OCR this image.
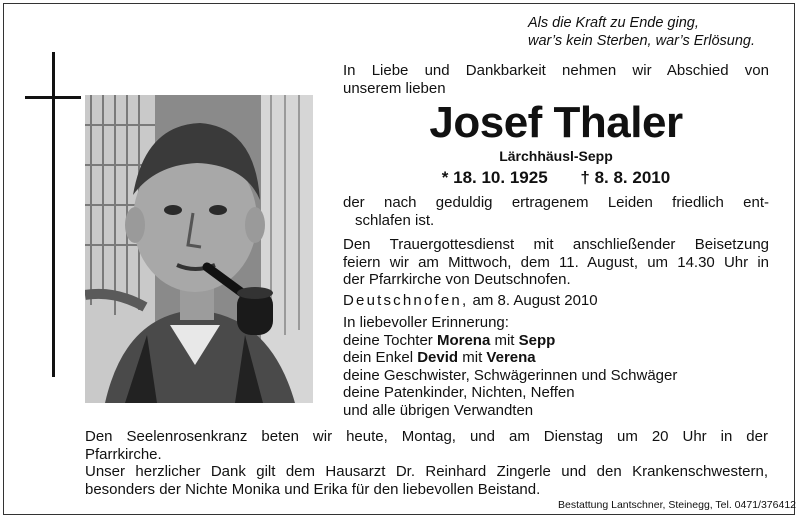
Als die Kraft zu Ende ging,
war’s kein Sterben, war’s Erlösung.
In Liebe und Dankbarkeit nehmen wir Abschied von
unserem lieben
Josef Thaler
Lärchhäusl-Sepp
* 18. 10. 1925 † 8. 8. 2010
der nach geduldig ertragenem Leiden friedlich ent-
schlafen ist.
Den Trauergottesdienst mit anschließender Beisetzung
feiern wir am Mittwoch, dem 11. August, um 14.30 Uhr in
der Pfarrkirche von Deutschnofen.
Deutschnofen, am 8. August 2010
In liebevoller Erinnerung:
deine Tochter Morena mit Sepp
dein Enkel Devid mit Verena
deine Geschwister, Schwägerinnen und Schwäger
deine Patenkinder, Nichten, Neffen
und alle übrigen Verwandten
Den Seelenrosenkranz beten wir heute, Montag, und am Dienstag um 20 Uhr in der
Pfarrkirche.
Unser herzlicher Dank gilt dem Hausarzt Dr. Reinhard Zingerle und den Krankenschwestern,
besonders der Nichte Monika und Erika für den liebevollen Beistand.
Bestattung Lantschner, Steinegg, Tel. 0471/376412
